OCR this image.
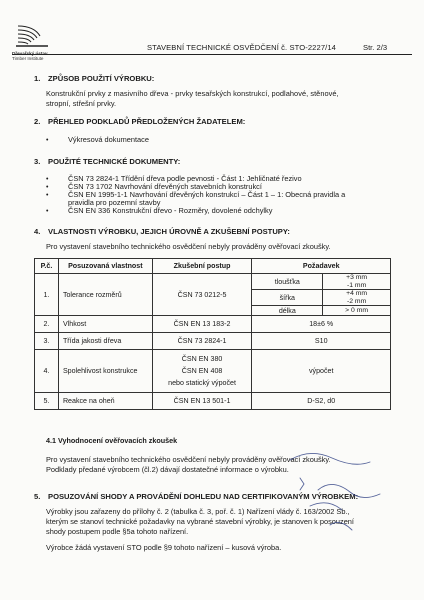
Dřevařský ústav
Timber Institute
STAVEBNÍ TECHNICKÉ OSVĚDČENÍ č. STO-2227/14	Str. 2/3
1. ZPŮSOB POUŽITÍ VÝROBKU:
Konstrukční prvky z masivního dřeva - prvky tesařských konstrukcí, podlahové, stěnové,
stropní, střešní prvky.
2. PŘEHLED PODKLADŮ PŘEDLOŽENÝCH ŽADATELEM:
•	Výkresová dokumentace
3. POUŽITÉ TECHNICKÉ DOKUMENTY:
•	ČSN 73 2824-1 Třídění dřeva podle pevnosti - Část 1: Jehličnaté řezivo
•	ČSN 73 1702 Navrhování dřevěných stavebních konstrukcí
•	ČSN EN 1995-1-1 Navrhování dřevěných konstrukcí – Část 1 – 1: Obecná pravidla a
pravidla pro pozemní stavby
•	ČSN EN 336 Konstrukční dřevo - Rozměry, dovolené odchylky
4. VLASTNOSTI VÝROBKU, JEJICH ÚROVNĚ A ZKUŠEBNÍ POSTUPY:
Pro vystavení stavebního technického osvědčení nebyly prováděny ověřovací zkoušky.
P.č.	Posuzovaná vlastnost	Zkušební postup	Požadavek	
1.	Tolerance rozměrů	ČSN 73 0212-5	tloušťka	+3 mm
-1 mm

			šířka	+4 mm
-2 mm

			délka	> 0 mm
2.	Vlhkost	ČSN EN 13 183-2	18±6 %	
3.	Třída jakosti dřeva	ČSN 73 2824-1	S10	
4.	Spolehlivost konstrukce	ČSN EN 380
ČSN EN 408
nebo statický výpočet	výpočet	
5.	Reakce na oheň	ČSN EN 13 501-1	D-S2, d0	
4.1 Vyhodnocení ověřovacích zkoušek
Pro vystavení stavebního technického osvědčení nebyly prováděny ověřovací zkoušky.
Podklady předané výrobcem (čl.2) dávají dostatečné informace o výrobku.
5. POSUZOVÁNÍ SHODY A PROVÁDĚNÍ DOHLEDU NAD CERTIFIKOVANÝM VÝROBKEM:
Výrobky jsou zařazeny do přílohy č. 2 (tabulka č. 3, poř. č. 1) Nařízení vlády č. 163/2002 Sb.,
kterým se stanoví technické požadavky na vybrané stavební výrobky, je stanoven k posouzení
shody postupem podle §5a tohoto nařízení.
Výrobce žádá vystavení STO podle §9 tohoto nařízení – kusová výroba.
